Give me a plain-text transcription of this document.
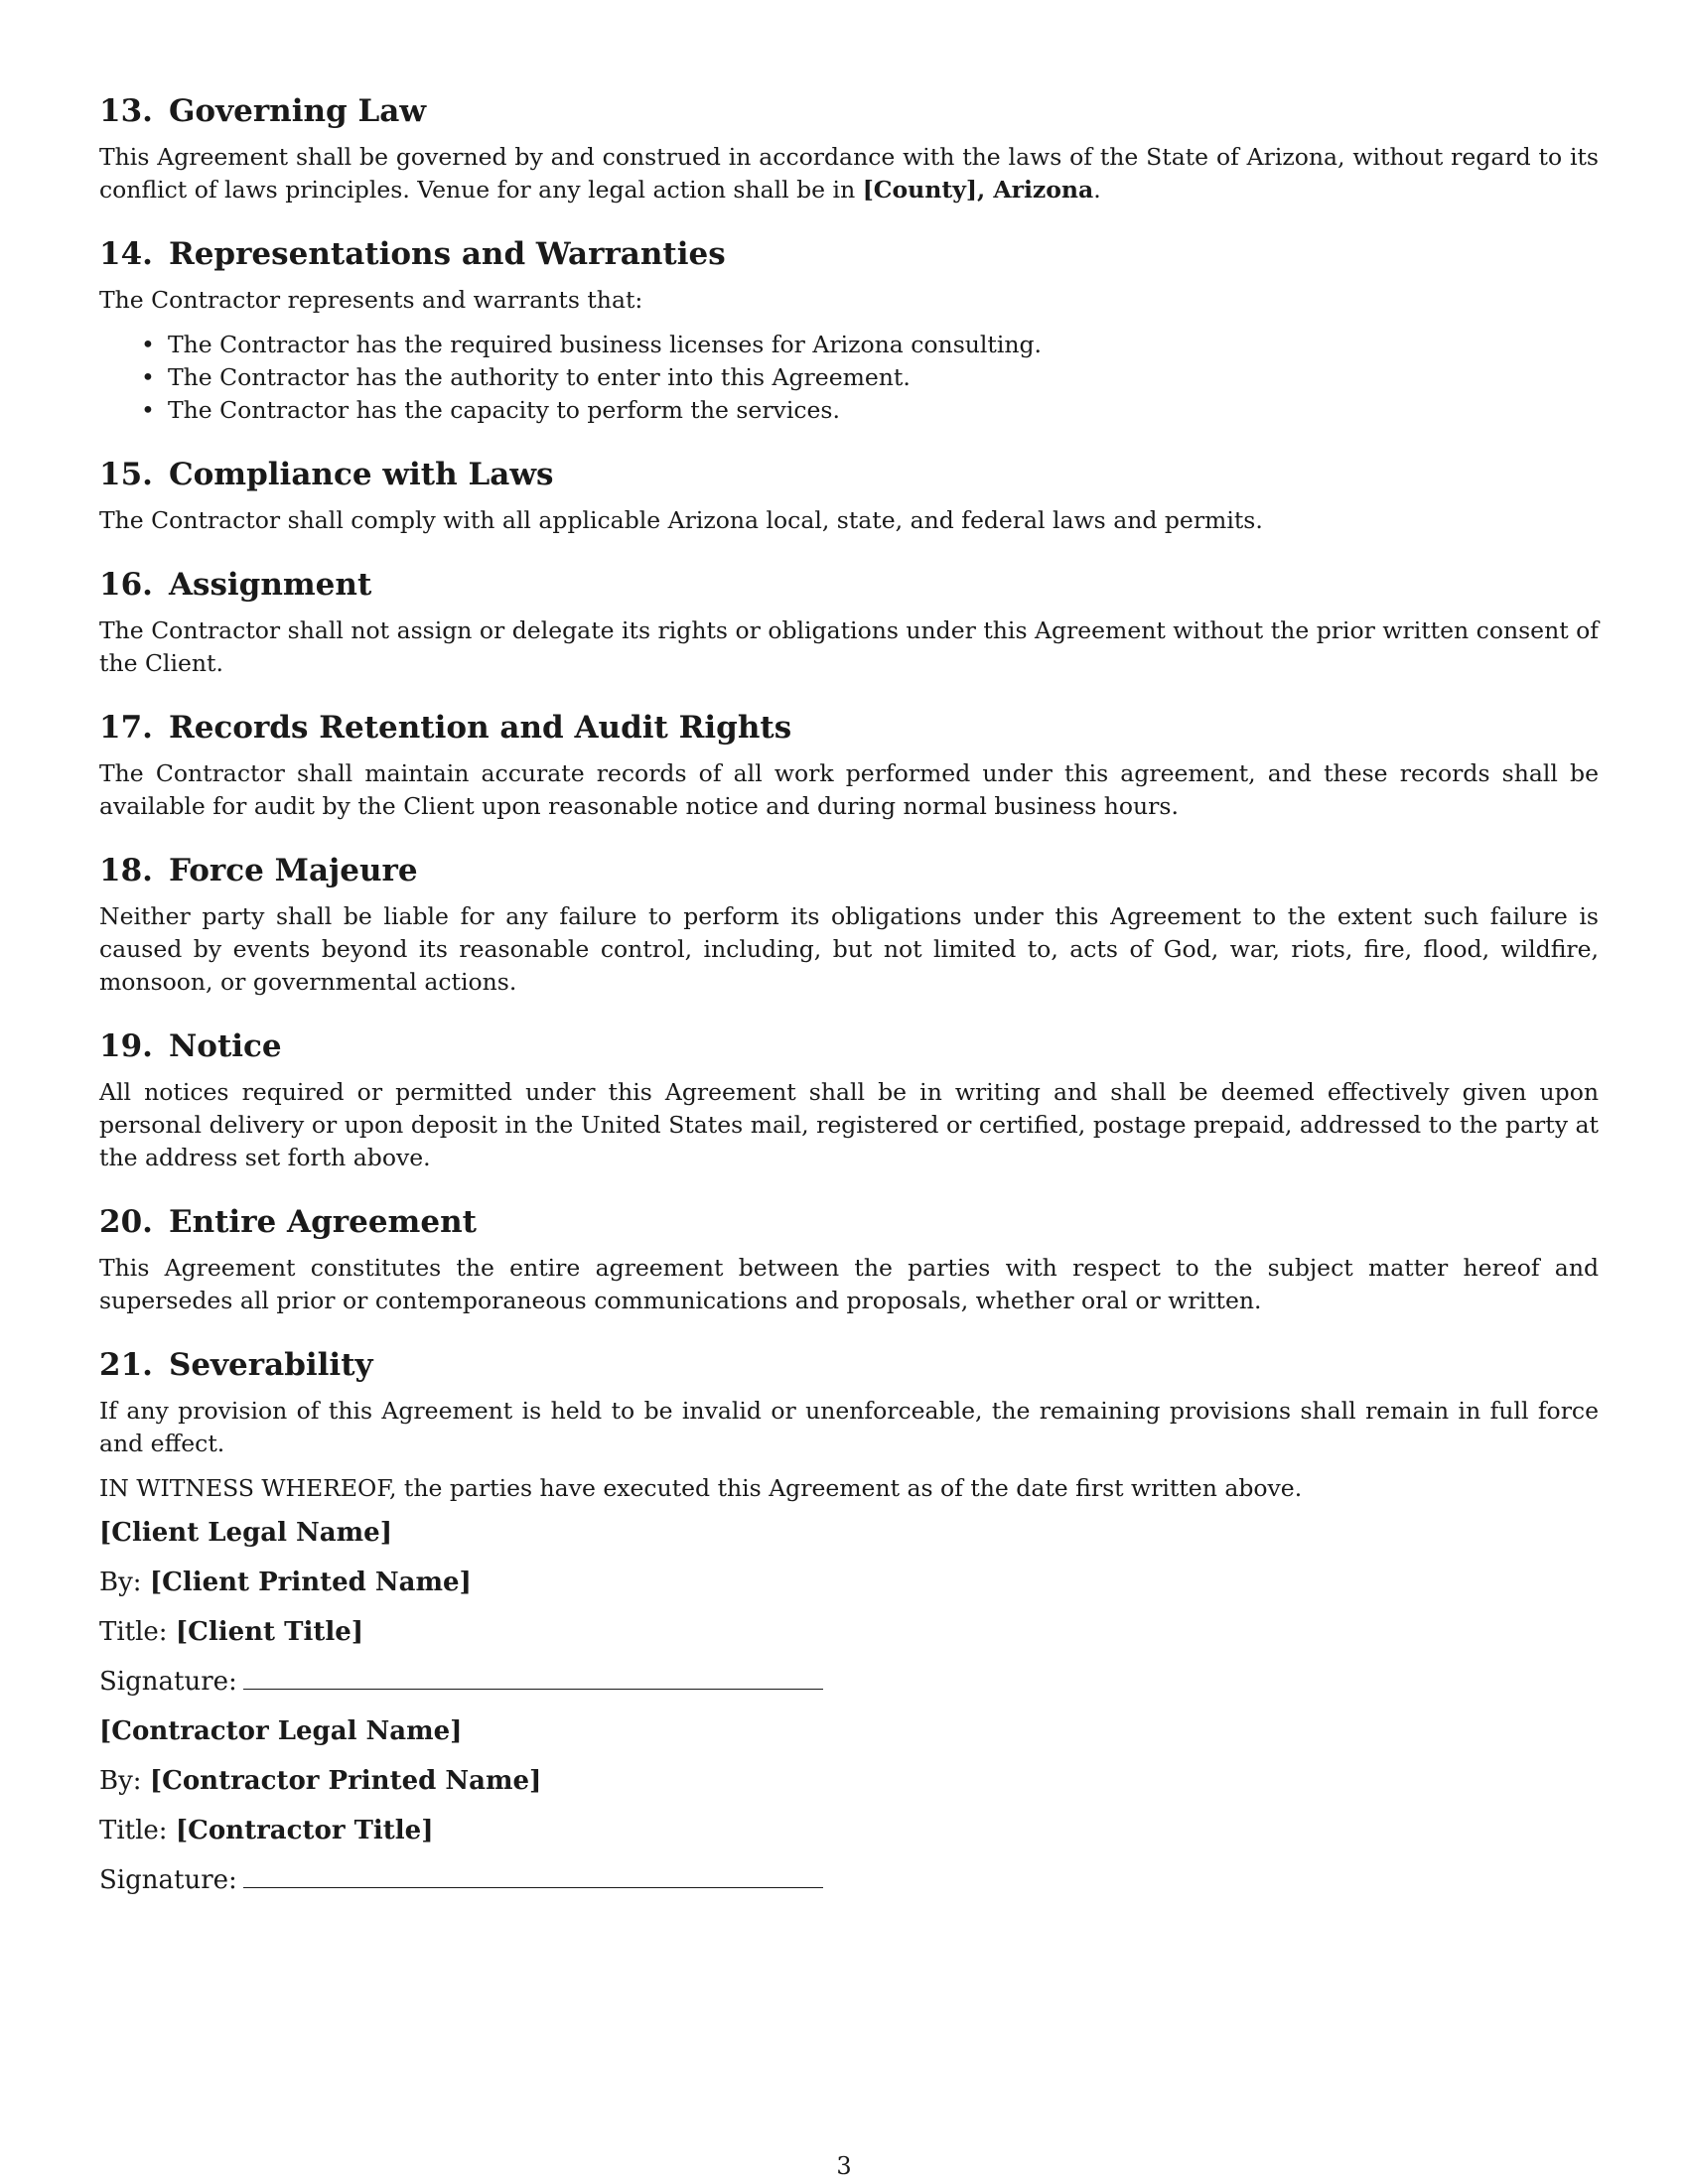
13. Governing Law

This Agreement shall be governed by and construed in accordance with the laws of the State of Arizona, without regard to its conflict of laws principles. Venue for any legal action shall be in [County], Arizona.

14. Representations and Warranties

The Contractor represents and warrants that:

• The Contractor has the required business licenses for Arizona consulting.
• The Contractor has the authority to enter into this Agreement.
• The Contractor has the capacity to perform the services.
15. Compliance with Laws

The Contractor shall comply with all applicable Arizona local, state, and federal laws and permits.

16. Assignment

The Contractor shall not assign or delegate its rights or obligations under this Agreement without the prior written consent of the Client.

17. Records Retention and Audit Rights

The Contractor shall maintain accurate records of all work performed under this agreement, and these records shall be available for audit by the Client upon reasonable notice and during normal business hours.

18. Force Majeure

Neither party shall be liable for any failure to perform its obligations under this Agreement to the extent such failure is caused by events beyond its reasonable control, including, but not limited to, acts of God, war, riots, fire, flood, wildfire, monsoon, or governmental actions.

19. Notice

All notices required or permitted under this Agreement shall be in writing and shall be deemed effectively given upon personal delivery or upon deposit in the United States mail, registered or certified, postage prepaid, addressed to the party at the address set forth above.

20. Entire Agreement

This Agreement constitutes the entire agreement between the parties with respect to the subject matter hereof and supersedes all prior or contemporaneous communications and proposals, whether oral or written.

21. Severability

If any provision of this Agreement is held to be invalid or unenforceable, the remaining provisions shall remain in full force and effect.

IN WITNESS WHEREOF, the parties have executed this Agreement as of the date first written above.

[Client Legal Name]

By: [Client Printed Name]

Title: [Client Title]

Signature:

[Contractor Legal Name]

By: [Contractor Printed Name]

Title: [Contractor Title]

Signature:

3
